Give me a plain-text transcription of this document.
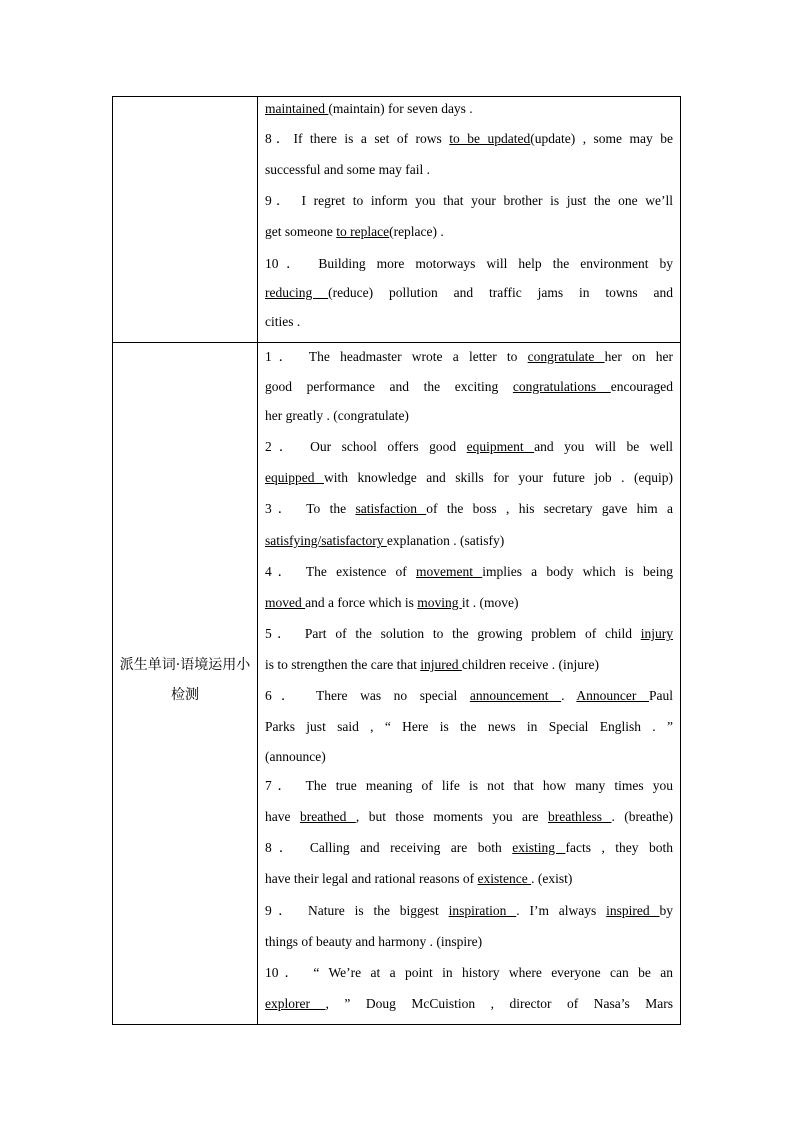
maintained (maintain) for seven days .
8．If there is a set of rows to be updated(update) , some may be
successful and some may fail .
9． I regret to inform you that your brother is just the one we’ll
get someone to replace(replace) .
10． Building more motorways will help the environment by
reducing (reduce) pollution and traffic jams in towns and
cities .
派生单词·语境运用小检测
1． The headmaster wrote a letter to congratulate her on her
good performance and the exciting congratulations encouraged
her greatly . (congratulate)
2． Our school offers good equipment and you will be well
equipped with knowledge and skills for your future job . (equip)
3． To the satisfaction of the boss , his secretary gave him a
satisfying/satisfactory explanation . (satisfy)
4． The existence of movement implies a body which is being
moved and a force which is moving it . (move)
5． Part of the solution to the growing problem of child injury
is to strengthen the care that injured children receive . (injure)
6． There was no special announcement . Announcer Paul
Parks just said , “ Here is the news in Special English . ”
(announce)
7． The true meaning of life is not that how many times you
have breathed , but those moments you are breathless . (breathe)
8． Calling and receiving are both existing facts , they both
have their legal and rational reasons of existence . (exist)
9． Nature is the biggest inspiration . I’m always inspired by
things of beauty and harmony . (inspire)
10． “ We’re at a point in history where everyone can be an
explorer , ” Doug McCuistion , director of Nasa’s Mars
